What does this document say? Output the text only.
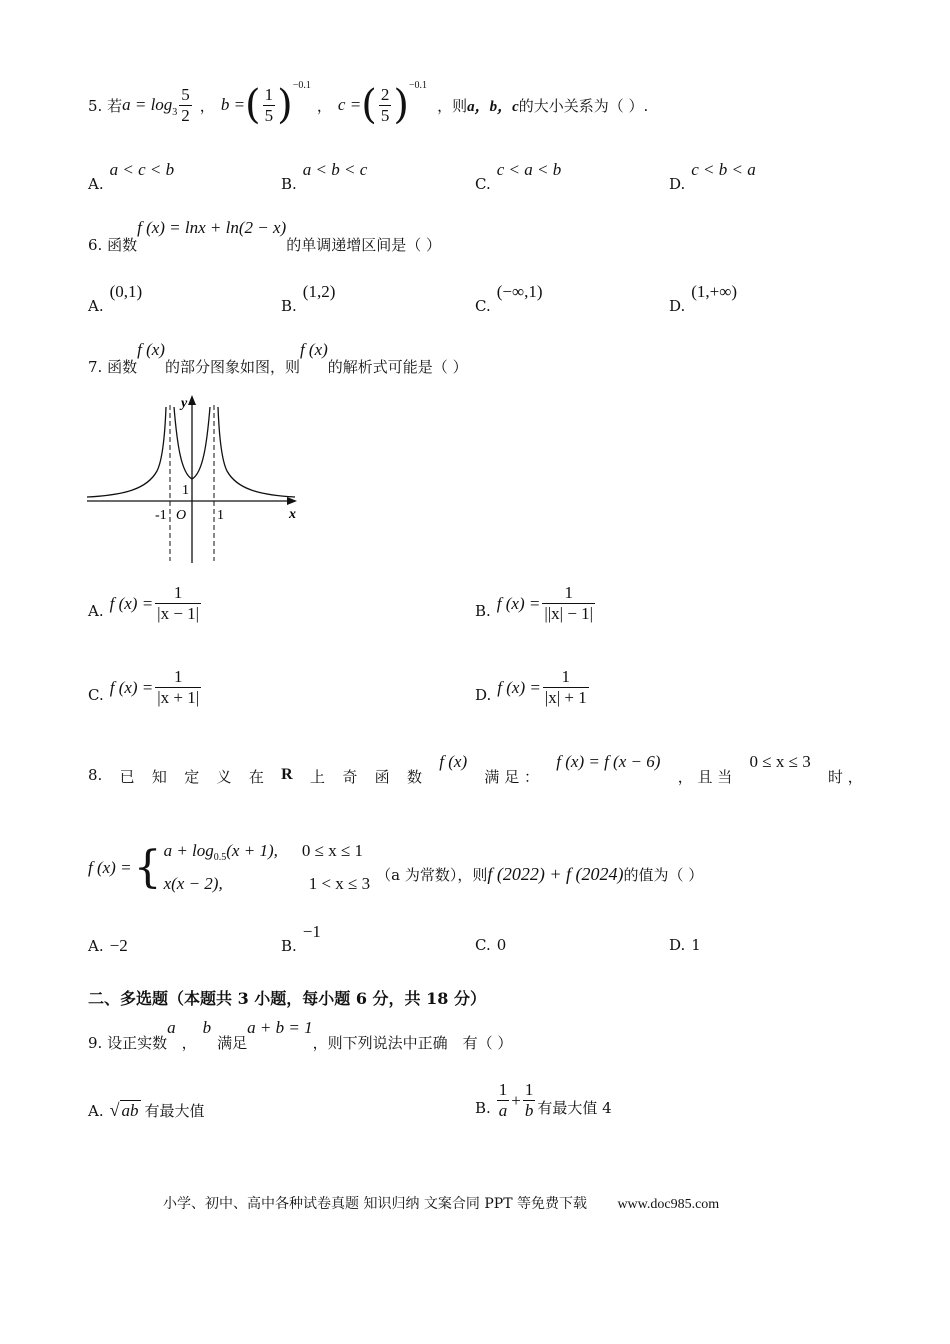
5. 若 $a = \log_3 \frac{5}{2}$ ， b = ( $\frac{1}{5} )^{-0.1}$
， c = ( $\frac{2}{5} )^{-0.1}$
，则 a，b，c 的大小关系为（ ）.
A.a < c < b
B.a < b < c
C.c < a < b
D.c < b < a
6. 函数
f (x) = lnx + ln(2 − x)
的单调递增区间是（ ）
A.(0,1)
B.(1,2)
C.(−∞,1)
D.(1,+∞)
7. 函数
f (x)
的部分图象如图，则
f (x)
的解析式可能是（ ）
y
x
1
-1 O 1
A. f $(x) = \frac{1}{|x - 1|}$	B. f $(x) = \frac{1}{||x| - 1|}$
C. f $(x) = \frac{1}{|x + 1|}$	D. f $(x) = \frac{1}{|x| + 1}$
8. 已 知 定 义 在 R 上 奇 函 数
f (x)
满 足 ：
f (x) = f (x − 6)
， 且 当
0 ≤ x ≤ 3
时 ，
f (x) = { $a + \log_{0.5}(x + 1)$, 0 ≤ x ≤ 1
x(x − 2),	1 < x ≤ 3 （a 为常数），则 f (2022) + f (2024) 的值为（ ）
A. −2	B.−1
C. 0	D. 1
二、多选题（本题共 3 小题，每小题 6 分，共 18 分）
9. 设正实数
a
，
b
满足
a + b = 1
，则下列说法中正确　有（ ）
A. √ ab 有最大值	B. $\frac{1}{a} + \frac{1}{b}$ 有最大值 4
小学、初中、高中各种试卷真题 知识归纳 文案合同 PPT 等免费下载 www.doc985.com
